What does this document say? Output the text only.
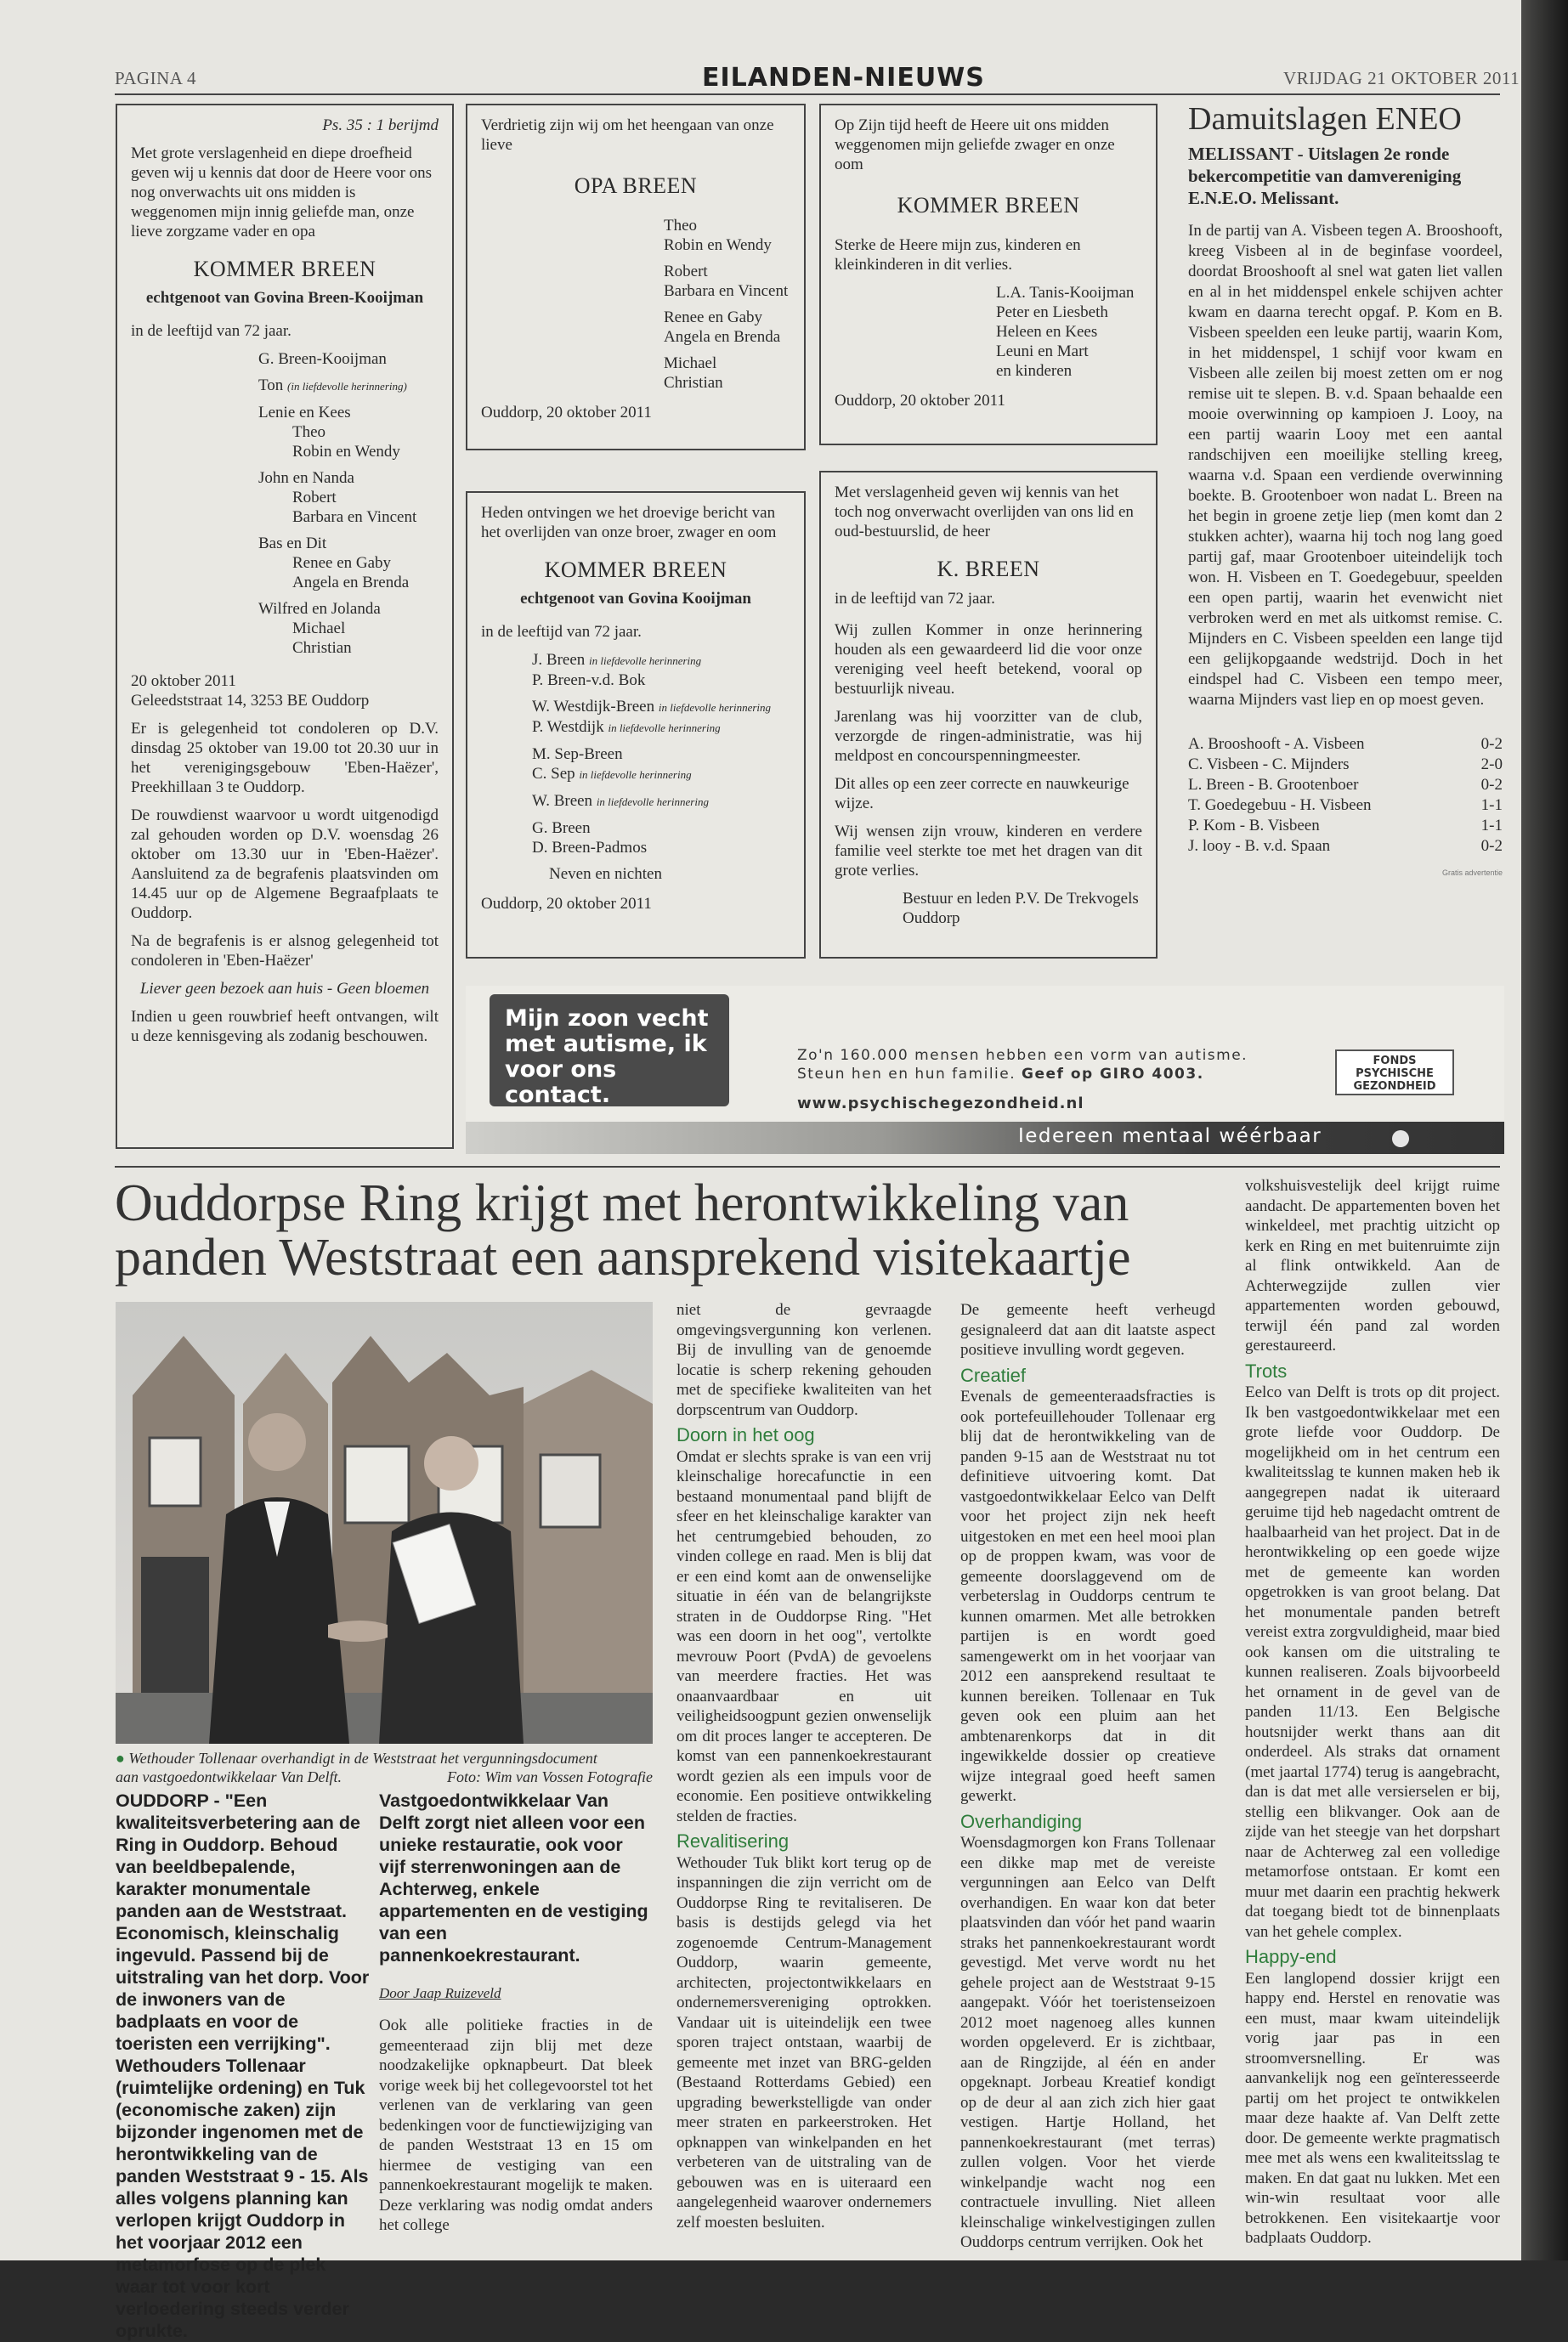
PAGINA 4	EILANDEN-NIEUWS	VRIJDAG 21 OKTOBER 2011
Ps. 35 : 1 berijmd
Met grote verslagenheid en diepe droefheid geven wij u kennis dat door de Heere voor ons nog onverwachts uit ons midden is weggenomen mijn innig geliefde man, onze lieve zorgzame vader en opa
KOMMER BREEN
echtgenoot van Govina Breen-Kooijman
in de leeftijd van 72 jaar.
G. Breen-Kooijman
Ton (in liefdevolle herinnering)
Lenie en Kees
Theo
Robin en Wendy
John en Nanda
Robert
Barbara en Vincent
Bas en Dit
Renee en Gaby
Angela en Brenda
Wilfred en Jolanda
Michael
Christian
20 oktober 2011
Geleedststraat 14, 3253 BE Ouddorp
Er is gelegenheid tot condoleren op D.V. dinsdag 25 oktober van 19.00 tot 20.30 uur in het verenigingsgebouw 'Eben-Haëzer', Preekhillaan 3 te Ouddorp.
De rouwdienst waarvoor u wordt uitgenodigd zal gehouden worden op D.V. woensdag 26 oktober om 13.30 uur in 'Eben-Haëzer'. Aansluitend za de begrafenis plaatsvinden om 14.45 uur op de Algemene Begraafplaats te Ouddorp.
Na de begrafenis is er alsnog gelegenheid tot condoleren in 'Eben-Haëzer'
Liever geen bezoek aan huis - Geen bloemen
Indien u geen rouwbrief heeft ontvangen, wilt u deze kennisgeving als zodanig beschouwen.
Verdrietig zijn wij om het heengaan van onze lieve
OPA BREEN
Theo
Robin en Wendy
Robert
Barbara en Vincent
Renee en Gaby
Angela en Brenda
Michael
Christian
Ouddorp, 20 oktober 2011
Heden ontvingen we het droevige bericht van het overlijden van onze broer, zwager en oom
KOMMER BREEN
echtgenoot van Govina Kooijman
in de leeftijd van 72 jaar.
J. Breen in liefdevolle herinnering
P. Breen-v.d. Bok
W. Westdijk-Breen in liefdevolle herinnering
P. Westdijk in liefdevolle herinnering
M. Sep-Breen
C. Sep in liefdevolle herinnering
W. Breen in liefdevolle herinnering
G. Breen
D. Breen-Padmos
Neven en nichten
Ouddorp, 20 oktober 2011
Op Zijn tijd heeft de Heere uit ons midden weggenomen mijn geliefde zwager en onze oom
KOMMER BREEN
Sterke de Heere mijn zus, kinderen en kleinkinderen in dit verlies.
L.A. Tanis-Kooijman
Peter en Liesbeth
Heleen en Kees
Leuni en Mart
en kinderen
Ouddorp, 20 oktober 2011
Met verslagenheid geven wij kennis van het toch nog onverwacht overlijden van ons lid en oud-bestuurslid, de heer
K. BREEN
in de leeftijd van 72 jaar.
Wij zullen Kommer in onze herinnering houden als een gewaardeerd lid die voor onze vereniging veel heeft betekend, vooral op bestuurlijk niveau.
Jarenlang was hij voorzitter van de club, verzorgde de ringen-administratie, was hij meldpost en concourspenningmeester.
Dit alles op een zeer correcte en nauwkeurige wijze.
Wij wensen zijn vrouw, kinderen en verdere familie veel sterkte toe met het dragen van dit grote verlies.
Bestuur en leden P.V. De Trekvogels
Ouddorp
Damuitslagen ENEO
MELISSANT - Uitslagen 2e ronde bekercompetitie van damvereniging E.N.E.O. Melissant.
In de partij van A. Visbeen tegen A. Brooshooft, kreeg Visbeen al in de beginfase voordeel, doordat Brooshooft al snel wat gaten liet vallen en al in het middenspel enkele schijven achter kwam en daarna terecht opgaf. P. Kom en B. Visbeen speelden een leuke partij, waarin Kom, in het middenspel, 1 schijf voor kwam en Visbeen alle zeilen bij moest zetten om er nog remise uit te slepen. B. v.d. Spaan behaalde een mooie overwinning op kampioen J. Looy, na een partij waarin Looy met een aantal randschijven een moeilijke stelling kreeg, waarna v.d. Spaan een verdiende overwinning boekte. B. Grootenboer won nadat L. Breen na het begin in groene zetje liep (men komt dan 2 stukken achter), waarna hij toch nog lang goed partij gaf, maar Grootenboer uiteindelijk toch won. H. Visbeen en T. Goedegebuur, speelden een open partij, waarin het evenwicht niet verbroken werd en met als uitkomst remise. C. Mijnders en C. Visbeen speelden een lange tijd een gelijkopgaande wedstrijd. Doch in het eindspel had C. Visbeen een tempo meer, waarna Mijnders vast liep en op moest geven.
A. Brooshooft - A. Visbeen	0-2
C. Visbeen - C. Mijnders	2-0
L. Breen - B. Grootenboer	0-2
T. Goedegebuu - H. Visbeen	1-1
P. Kom - B. Visbeen	1-1
J. looy - B. v.d. Spaan	0-2
Gratis advertentie
Mijn zoon vecht met autisme, ik voor ons contact.
Zo'n 160.000 mensen hebben een vorm van autisme.
Steun hen en hun familie. Geef op GIRO 4003.
www.psychischegezondheid.nl
FONDS
PSYCHISCHE
GEZONDHEID
Iedereen mentaal wéérbaar
Ouddorpse Ring krijgt met herontwikkeling van
panden Weststraat een aansprekend visitekaartje
● Wethouder Tollenaar overhandigt in de Weststraat het vergunningsdocument
aan vastgoedontwikkelaar Van Delft.	Foto: Wim van Vossen Fotografie
OUDDORP - "Een kwaliteitsverbetering aan de Ring in Ouddorp. Behoud van beeldbepalende, karakter monumentale panden aan de Weststraat. Economisch, kleinschalig ingevuld. Passend bij de uitstraling van het dorp. Voor de inwoners van de badplaats en voor de toeristen een verrijking". Wethouders Tollenaar (ruimtelijke ordening) en Tuk (economische zaken) zijn bijzonder ingenomen met de herontwikkeling van de panden Weststraat 9 - 15. Als alles volgens planning kan verlopen krijgt Ouddorp in het voorjaar 2012 een metamorfose op de plek waar tot voor kort verloedering steeds verder oprukte.
Vastgoedontwikkelaar Van Delft zorgt niet alleen voor een unieke restauratie, ook voor vijf sterrenwoningen aan de Achterweg, enkele appartementen en de vestiging van een pannenkoekrestaurant.
Door Jaap Ruizeveld
Ook alle politieke fracties in de gemeenteraad zijn blij met deze noodzakelijke opknapbeurt. Dat bleek vorige week bij het collegevoorstel tot het verlenen van de verklaring van geen bedenkingen voor de functiewijziging van de panden Weststraat 13 en 15 om hiermee de vestiging van een pannenkoekrestaurant mogelijk te maken. Deze verklaring was nodig omdat anders het college

niet de gevraagde omgevingsvergunning kon verlenen. Bij de invulling van de genoemde locatie is scherp rekening gehouden met de specifieke kwaliteiten van het dorpscentrum van Ouddorp.

Doorn in het oog

Omdat er slechts sprake is van een vrij kleinschalige horecafunctie in een bestaand monumentaal pand blijft de sfeer en het kleinschalige karakter van het centrumgebied behouden, zo vinden college en raad. Men is blij dat er een eind komt aan de onwenselijke situatie in één van de belangrijkste straten in de Ouddorpse Ring. "Het was een doorn in het oog", vertolkte mevrouw Poort (PvdA) de gevoelens van meerdere fracties. Het was onaanvaardbaar en uit veiligheidsoogpunt gezien onwenselijk om dit proces langer te accepteren. De komst van een pannenkoekrestaurant wordt gezien als een impuls voor de economie. Een positieve ontwikkeling stelden de fracties.

Revalitisering

Wethouder Tuk blikt kort terug op de inspanningen die zijn verricht om de Ouddorpse Ring te revitaliseren. De basis is destijds gelegd via het zogenoemde Centrum-Management Ouddorp, waarin gemeente, architecten, projectontwikkelaars en ondernemersvereniging optrokken. Vandaar uit is uiteindelijk een twee sporen traject ontstaan, waarbij de gemeente met inzet van BRG-gelden (Bestaand Rotterdams Gebied) een upgrading bewerkstelligde van onder meer straten en parkeerstroken. Het opknappen van winkelpanden en het verbeteren van de uitstraling van de gebouwen was en is uiteraard een aangelegenheid waarover ondernemers zelf moesten besluiten.

De gemeente heeft verheugd gesignaleerd dat aan dit laatste aspect positieve invulling wordt gegeven.

Creatief

Evenals de gemeenteraadsfracties is ook portefeuillehouder Tollenaar erg blij dat de herontwikkeling van de panden 9-15 aan de Weststraat nu tot definitieve uitvoering komt. Dat vastgoedontwikkelaar Eelco van Delft voor het project zijn nek heeft uitgestoken en met een heel mooi plan op de proppen kwam, was voor de gemeente doorslaggevend om de verbeterslag in Ouddorps centrum te kunnen omarmen. Met alle betrokken partijen is en wordt goed samengewerkt om in het voorjaar van 2012 een aansprekend resultaat te kunnen bereiken. Tollenaar en Tuk geven ook een pluim aan het ambtenarenkorps dat in dit ingewikkelde dossier op creatieve wijze integraal goed heeft samen gewerkt.

Overhandiging

Woensdagmorgen kon Frans Tollenaar een dikke map met de vereiste vergunningen aan Eelco van Delft overhandigen. En waar kon dat beter plaatsvinden dan vóór het pand waarin straks het pannenkoekrestaurant wordt gevestigd. Met verve wordt nu het gehele project aan de Weststraat 9-15 aangepakt. Vóór het toeristenseizoen 2012 moet nagenoeg alles kunnen worden opgeleverd. Er is zichtbaar, aan de Ringzijde, al één en ander opgeknapt. Jorbeau Kreatief kondigt op de deur al aan zich zich hier gaat vestigen. Hartje Holland, het pannenkoekrestaurant (met terras) zullen volgen. Voor het vierde winkelpandje wacht nog een contractuele invulling. Niet alleen kleinschalige winkelvestigingen zullen Ouddorps centrum verrijken. Ook het

volkshuisvestelijk deel krijgt ruime aandacht. De appartementen boven het winkeldeel, met prachtig uitzicht op kerk en Ring en met buitenruimte zijn al flink ontwikkeld. Aan de Achterwegzijde zullen vier appartementen worden gebouwd, terwijl één pand zal worden gerestaureerd.

Trots

Eelco van Delft is trots op dit project. Ik ben vastgoedontwikkelaar met een grote liefde voor Ouddorp. De mogelijkheid om in het centrum een kwaliteitsslag te kunnen maken heb ik aangegrepen nadat ik uiteraard geruime tijd heb nagedacht omtrent de haalbaarheid van het project. Dat in de herontwikkeling op een goede wijze met de gemeente kan worden opgetrokken is van groot belang. Dat het monumentale panden betreft vereist extra zorgvuldigheid, maar bied ook kansen om die uitstraling te kunnen realiseren. Zoals bijvoorbeeld het ornament in de gevel van de panden 11/13. Een Belgische houtsnijder werkt thans aan dit onderdeel. Als straks dat ornament (met jaartal 1774) terug is aangebracht, dan is dat met alle versierselen er bij, stellig een blikvanger. Ook aan de zijde van het steegje van het dorpshart naar de Achterweg zal een volledige metamorfose ontstaan. Er komt een muur met daarin een prachtig hekwerk dat toegang biedt tot de binnenplaats van het gehele complex.

Happy-end

Een langlopend dossier krijgt een happy end. Herstel en renovatie was een must, maar kwam uiteindelijk vorig jaar pas in een stroomversnelling. Er was aanvankelijk nog een geïnteresseerde partij om het project te ontwikkelen maar deze haakte af. Van Delft zette door. De gemeente werkte pragmatisch mee met als wens een kwaliteitsslag te maken. En dat gaat nu lukken. Met een win-win resultaat voor alle betrokkenen. Een visitekaartje voor badplaats Ouddorp.
